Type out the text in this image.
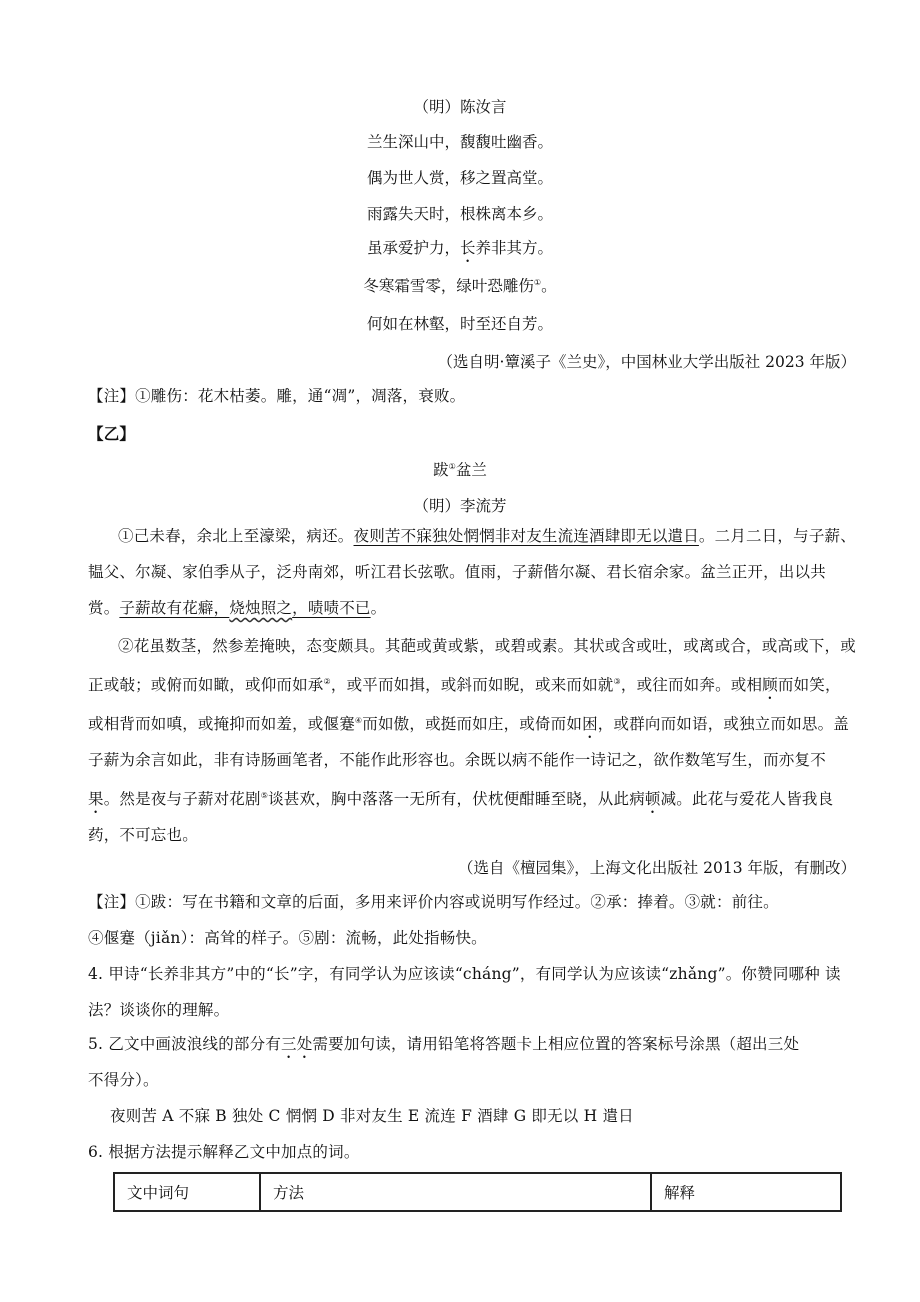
（明）陈汝言
兰生深山中，馥馥吐幽香。
偶为世人赏，移之置高堂。
雨露失天时，根株离本乡。
虽承爱护力，长养非其方。
冬寒霜雪零，绿叶恐雕伤①。
何如在林壑，时至还自芳。
（选自明·簟溪子《兰史》，中国林业大学出版社 2023 年版）
【注】①雕伤：花木枯萎。雕，通“凋”，凋落，衰败。
【乙】
跋①盆兰
（明）李流芳
①己未春，余北上至濠梁，病还。夜则苦不寐独处惘惘非对友生流连酒肆即无以遣日。二月二日，与子薪、韫父、尔凝、家伯季从子，泛舟南郊，听江君长弦歌。值雨，子薪偕尔凝、君长宿余家。盆兰正开，出以共赏。子薪故有花癖，烧烛照之，啧啧不已。
②花虽数茎，然参差掩映，态变颇具。其葩或黄或紫，或碧或素。其状或含或吐，或离或合，或高或下，或正或敧；或俯而如瞰，或仰而如承②，或平而如揖，或斜而如睨，或来而如就③，或往而如奔。或相顾而如笑，或相背而如嗔，或掩抑而如羞，或偃蹇④而如傲，或挺而如庄，或倚而如困，或群向而如语，或独立而如思。盖子薪为余言如此，非有诗肠画笔者，不能作此形容也。余既以病不能作一诗记之，欲作数笔写生，而亦复不果。然是夜与子薪对花剧⑤谈甚欢，胸中落落一无所有，伏枕便酣睡至晓，从此病顿减。此花与爱花人皆我良药，不可忘也。
（选自《檀园集》，上海文化出版社 2013 年版，有删改）
【注】①跋：写在书籍和文章的后面，多用来评价内容或说明写作经过。②承：捧着。③就：前往。
④偃蹇（jiǎn）：高耸的样子。⑤剧：流畅，此处指畅快。
4. 甲诗“长养非其方”中的“长”字，有同学认为应该读“cháng”，有同学认为应该读“zhǎng”。你赞同哪种 读
法？谈谈你的理解。
5. 乙文中画波浪线的部分有三处需要加句读，请用铅笔将答题卡上相应位置的答案标号涂黑（超出三处
不得分）。
夜则苦 A 不寐 B 独处 C 惘惘 D 非对友生 E 流连 F 酒肆 G 即无以 H 遣日
6. 根据方法提示解释乙文中加点的词。
文中词句	方法	解释
